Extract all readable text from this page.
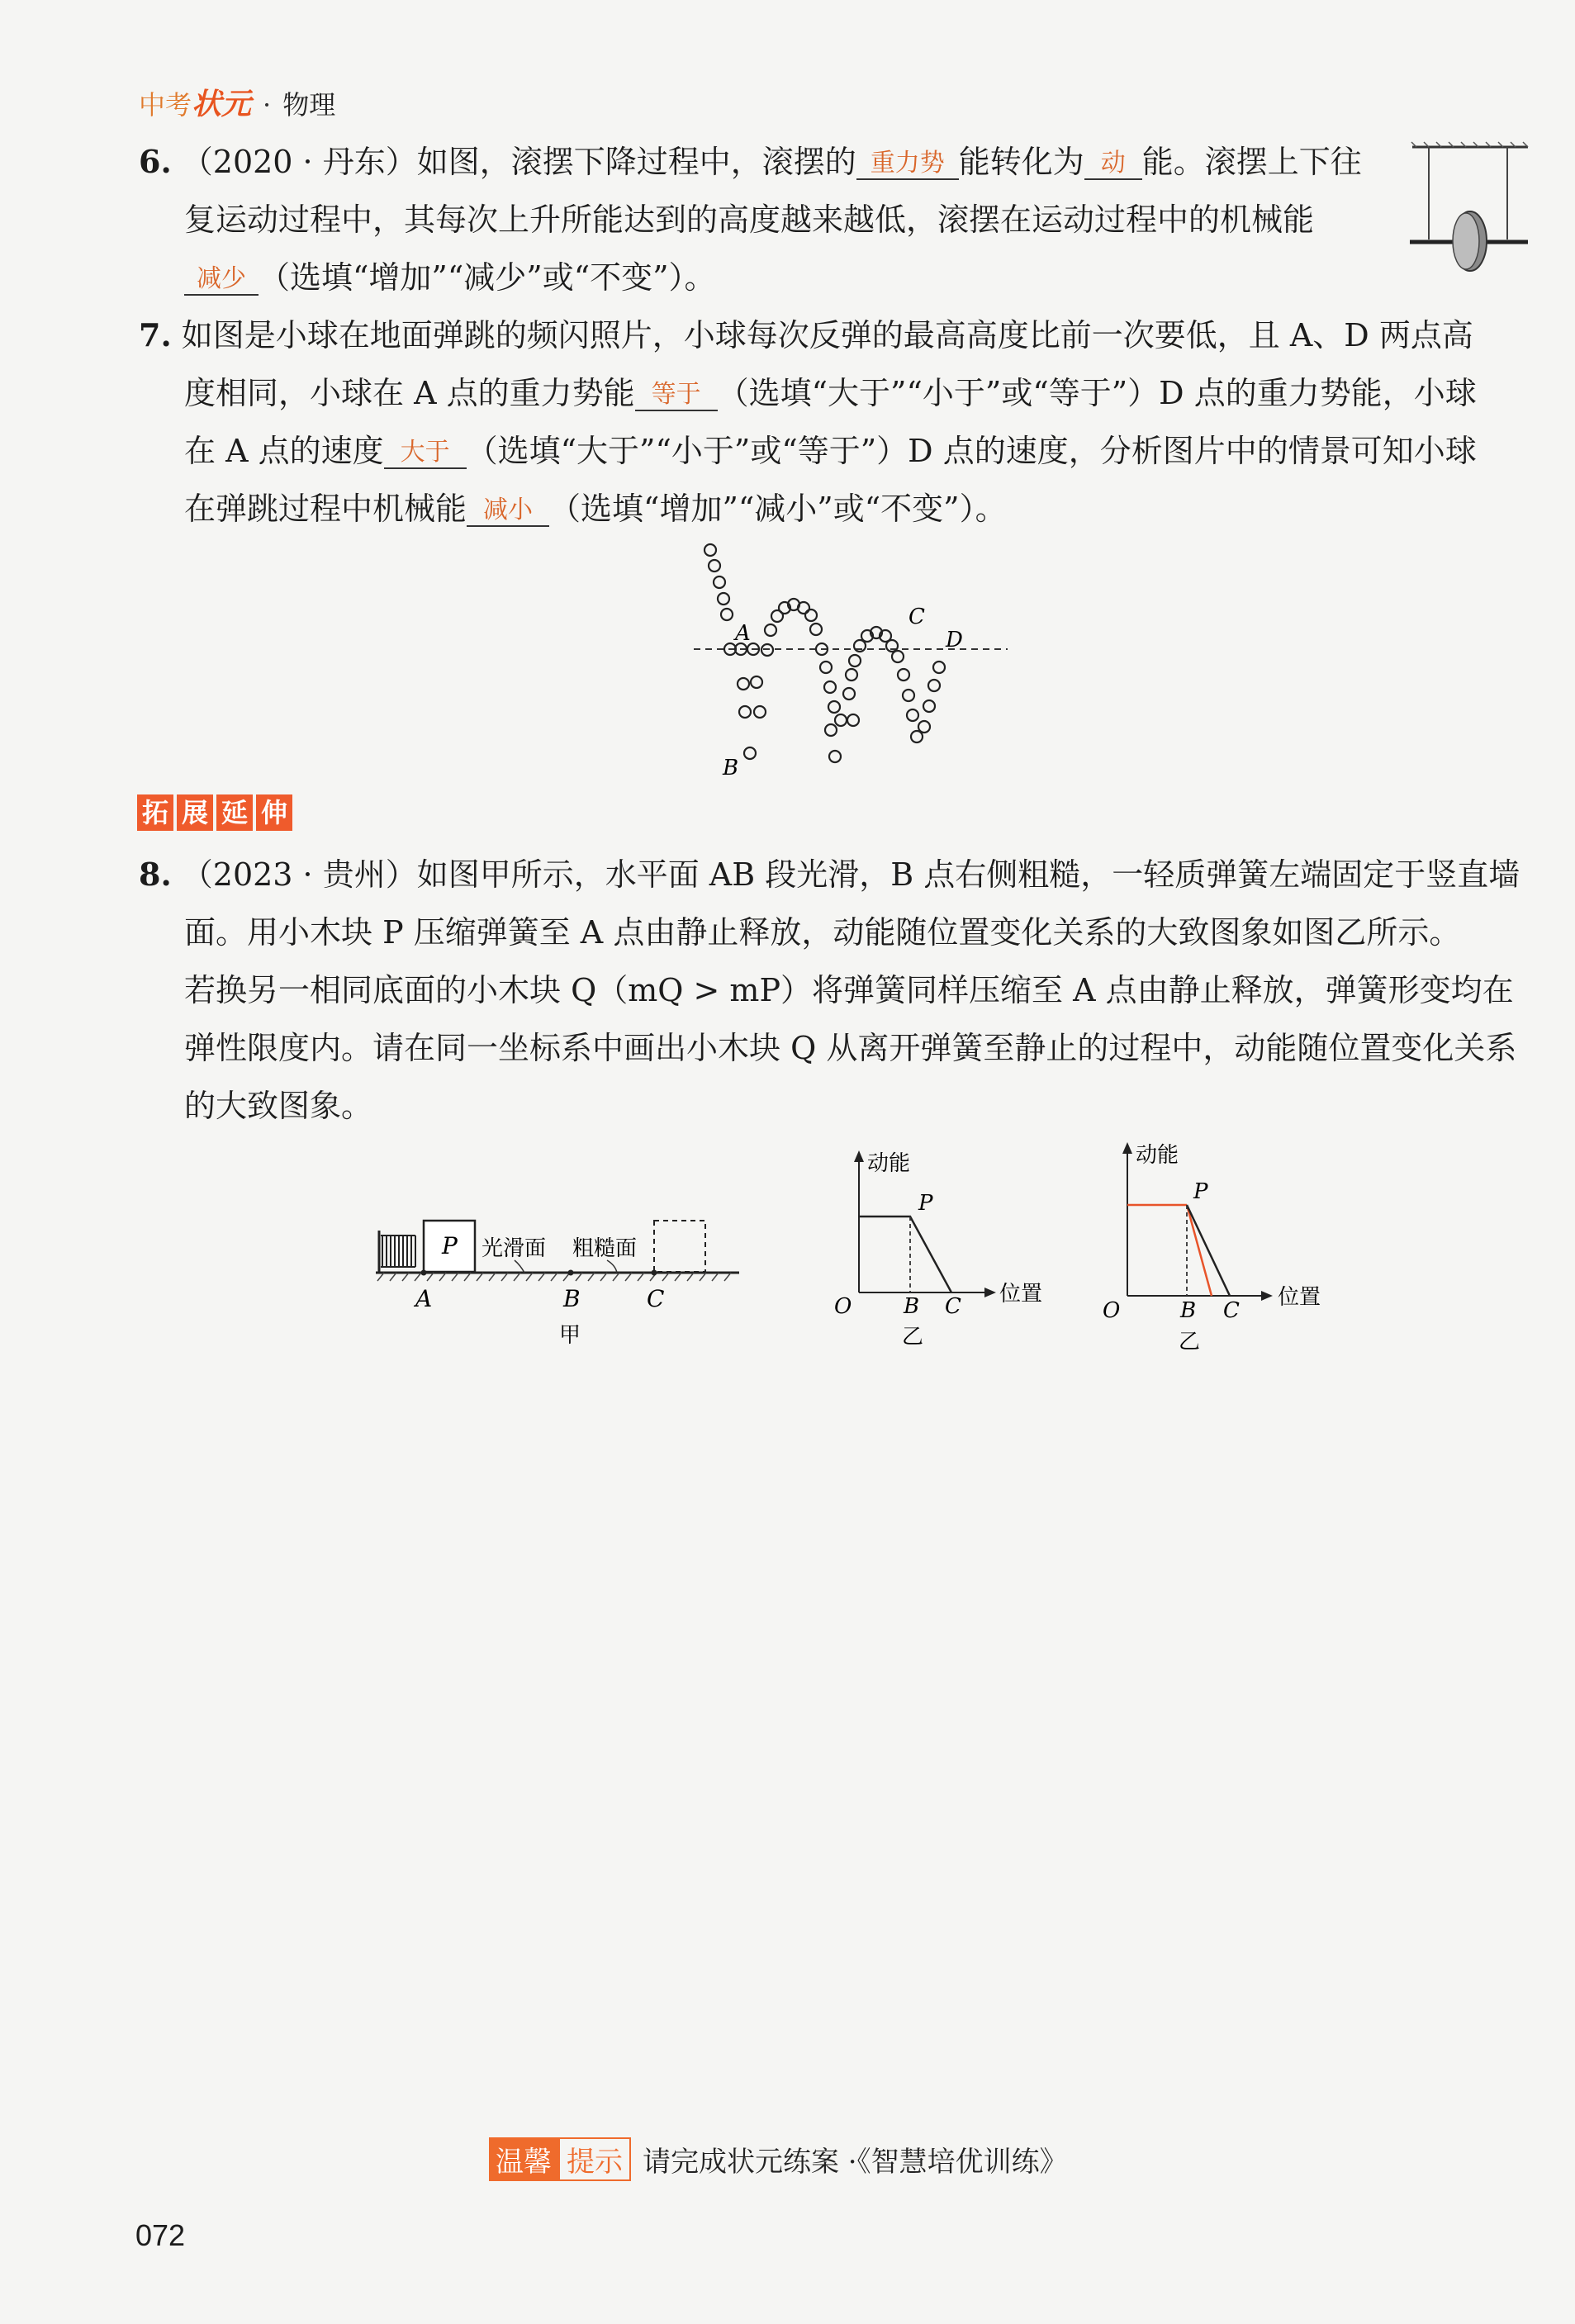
中考 状元 · 物理
6. （2020 · 丹东）如图，滚摆下降过程中，滚摆的 重力势 能转化为 动 能。滚摆上下往
复运动过程中，其每次上升所能达到的高度越来越低，滚摆在运动过程中的机械能
减少 （选填“增加”“减少”或“不变”）。
7. 如图是小球在地面弹跳的频闪照片，小球每次反弹的最高高度比前一次要低，且 A、D 两点高
度相同，小球在 A 点的重力势能 等于 （选填“大于”“小于”或“等于”）D 点的重力势能，小球
在 A 点的速度 大于 （选填“大于”“小于”或“等于”）D 点的速度，分析图片中的情景可知小球
在弹跳过程中机械能 减小 （选填“增加”“减小”或“不变”）。
A
B
C
D
拓 展 延 伸
8. （2023 · 贵州）如图甲所示，水平面 AB 段光滑，B 点右侧粗糙，一轻质弹簧左端固定于竖直墙
面。用小木块 P 压缩弹簧至 A 点由静止释放，动能随位置变化关系的大致图象如图乙所示。
若换另一相同底面的小木块 Q（mQ > mP）将弹簧同样压缩至 A 点由静止释放，弹簧形变均在
弹性限度内。请在同一坐标系中画出小木块 Q 从离开弹簧至静止的过程中，动能随位置变化关系
的大致图象。
P 光滑面 粗糙面
A	B	C
甲
动能
位置
P
O B C
乙
动能
位置
P
O	B C
乙
温馨 提示 请完成状元练案 ·《智慧培优训练》
072
